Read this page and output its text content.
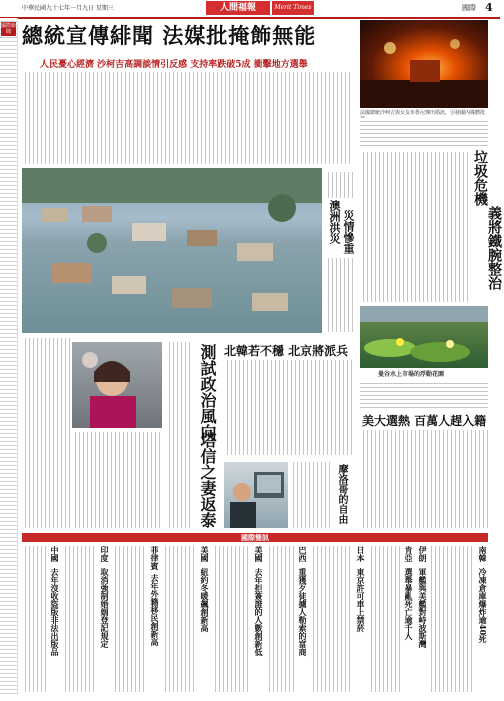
中華民國九十七年一月九日 星期三	人間福報	Merit Times	國際 4
國際新聞 總統宣傳緋聞 法媒批掩飾無能
人民憂心經濟 沙柯吉高調談情引反感 支持率跌破5成 衝擊地方選舉
法國總統沙柯吉與女友布魯尼傳出婚訊，引發國內媒體批
澳洲洪災 災情慘重
垃圾危機
義將鐵腕整治
曼谷水上市場的浮動花園
美大選熱 百萬人趕入籍
北韓若不穩 北京將派兵
測試政治風向
塔信之妻返泰	摩洛哥的自由
國際簡訊
南韓
冷凍倉庫爆炸逾40死
伊朗
軍艦與美艦對峙波斯灣
肯亞
選舉暴亂死亡逾千人
日本
東京許可車上禁菸
巴西
重獲歹徒擄人勒索的富商
美國
去年拒簽證的人數創新低
美國
紐約冬暖飆創新高
菲律賓
去年外籍移民創新高
印度
取消強制婚姻登記規定
中國
去年沒收盜版非法出版品
